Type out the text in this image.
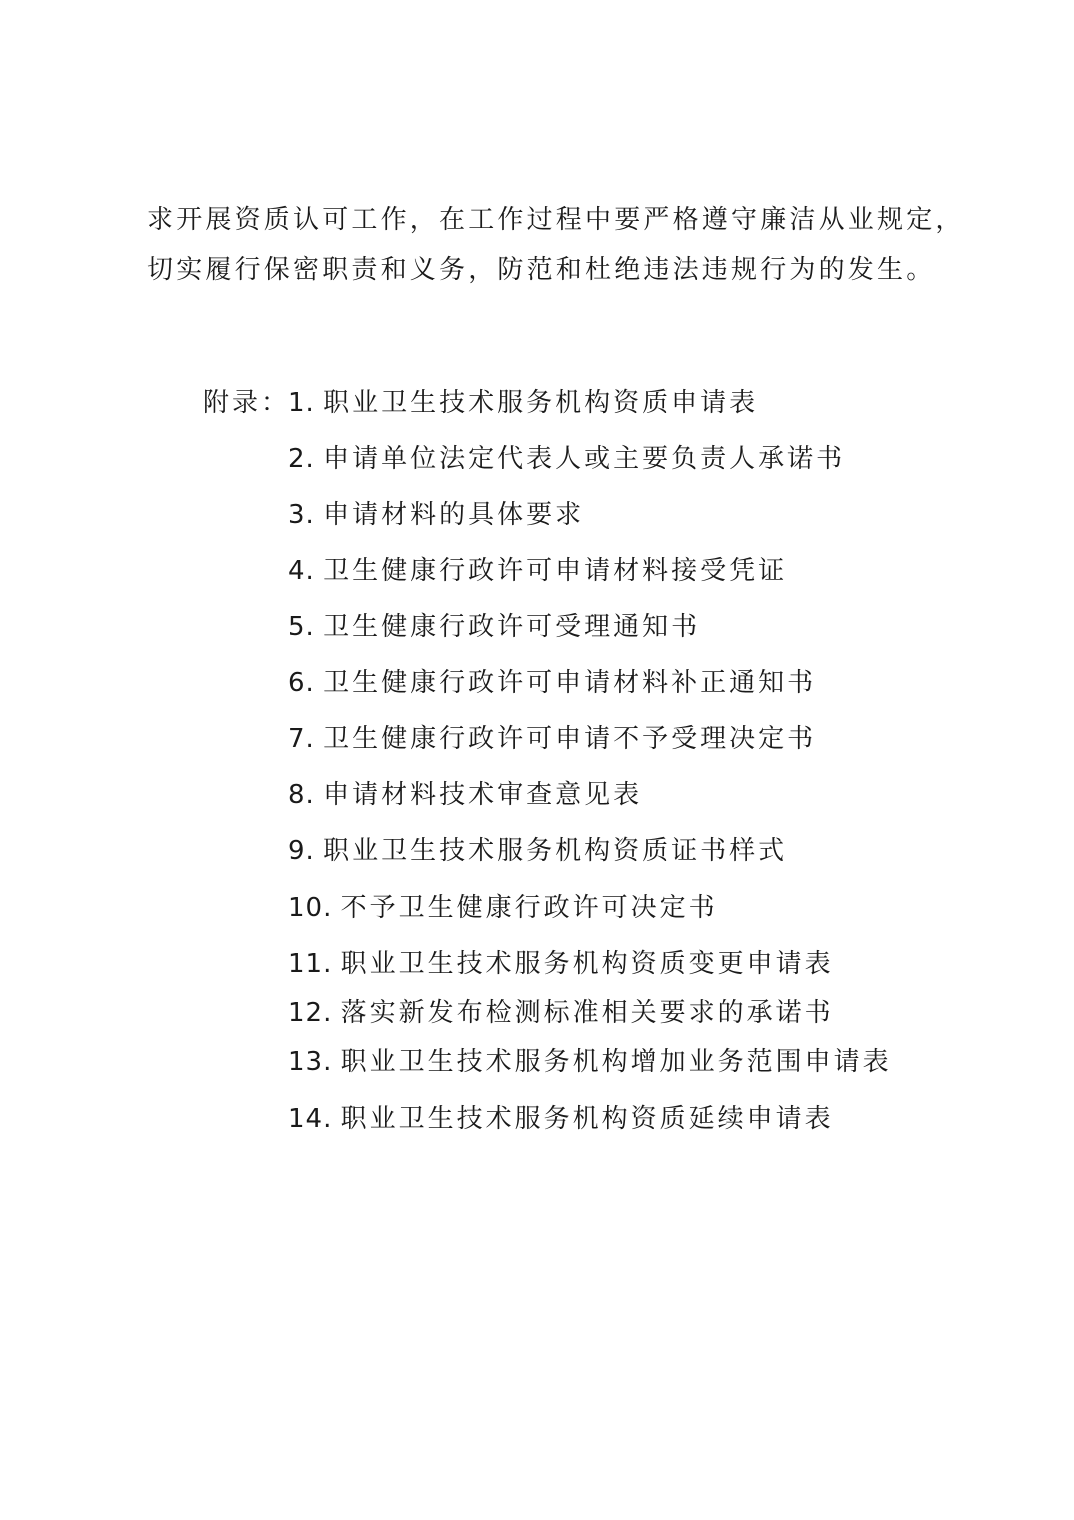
求开展资质认可工作，在工作过程中要严格遵守廉洁从业规定，
切实履行保密职责和义务，防范和杜绝违法违规行为的发生。
附录：
1. 职业卫生技术服务机构资质申请表
2. 申请单位法定代表人或主要负责人承诺书
3. 申请材料的具体要求
4. 卫生健康行政许可申请材料接受凭证
5. 卫生健康行政许可受理通知书
6. 卫生健康行政许可申请材料补正通知书
7. 卫生健康行政许可申请不予受理决定书
8. 申请材料技术审查意见表
9. 职业卫生技术服务机构资质证书样式
10. 不予卫生健康行政许可决定书
11. 职业卫生技术服务机构资质变更申请表
12. 落实新发布检测标准相关要求的承诺书
13. 职业卫生技术服务机构增加业务范围申请表
14. 职业卫生技术服务机构资质延续申请表
